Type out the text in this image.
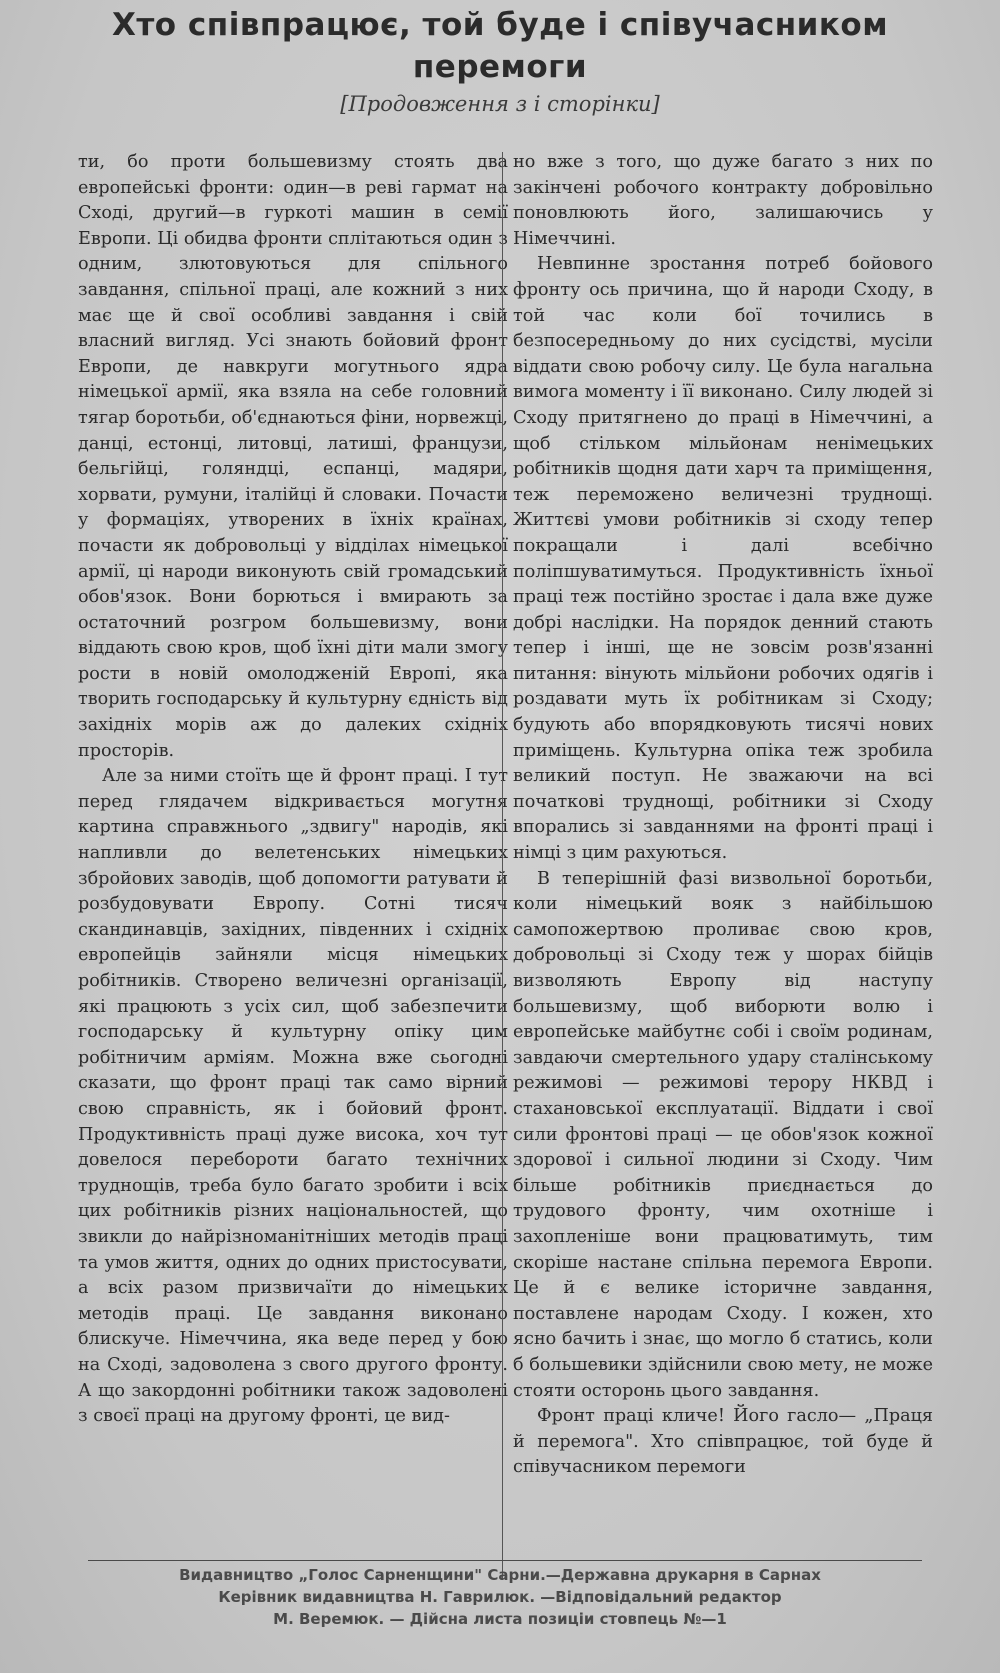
Хто співпрацює, той буде і співучасником
перемоги
[Продовження з і сторінки]

ти, бо проти большевизму стоять два европейські фронти: один—в реві гармат на Сході, другий—в гуркоті машин в семії Европи. Ці обидва фронти сплітаються один з одним, злютовуються для спільного завдання, спільної праці, але кожний з них має ще й свої особливі завдання і свій власний вигляд. Усі знають бойовий фронт Европи, де навкруги могутнього ядра німецької армії, яка взяла на себе головний тягар боротьби, об'єднаються фіни, норвежці, данці, естонці, литовці, латиші, французи, бельгійці, голяндці, еспанці, мадяри, хорвати, румуни, італійці й словаки. Почасти у формаціях, утворених в їхніх країнах, почасти як добровольці у відділах німецької армії, ці народи виконують свій громадський обов'язок. Вони борються і вмирають за остаточний розгром большевизму, вони віддають свою кров, щоб їхні діти мали змогу рости в новій омолодженій Европі, яка творить господарську й культурну єдність від західніх морів аж до далеких східніх просторів.

Але за ними стоїть ще й фронт праці. І тут перед глядачем відкривається могутня картина справжнього „здвигу" народів, які напливли до велетенських німецьких збройових заводів, щоб допомогти ратувати й розбудовувати Европу. Сотні тисяч скандинавців, західних, південних і східніх европейців зайняли місця німецьких робітників. Створено величезні організації, які працюють з усіх сил, щоб забезпечити господарську й культурну опіку цим робітничим арміям. Можна вже сьогодні сказати, що фронт праці так само вірний свою справність, як і бойовий фронт. Продуктивність праці дуже висока, хоч тут довелося перебороти багато технічних труднощів, треба було багато зробити і всіх цих робітників різних національностей, що звикли до найрізноманітніших методів праці та умов життя, одних до одних пристосувати, а всіх разом призвичаїти до німецьких методів праці. Це завдання виконано блискуче. Німеччина, яка веде перед у бою на Сході, задоволена з свого другого фронту. А що закордонні робітники також задоволені з своєї праці на другому фронті, це вид-

но вже з того, що дуже багато з них по закінчені робочого контракту добровільно поновлюють його, залишаючись у Німеччині.

Невпинне зростання потреб бойового фронту ось причина, що й народи Сходу, в той час коли бої точились в безпосередньому до них сусідстві, мусіли віддати свою робочу силу. Це була нагальна вимога моменту і її виконано. Силу людей зі Сходу притягнено до праці в Німеччині, а щоб стільком мільйонам ненімецьких робітників щодня дати харч та приміщення, теж переможено величезні труднощі. Життєві умови робітників зі сходу тепер покращали і далі всебічно поліпшуватимуться. Продуктивність їхньої праці теж постійно зростає і дала вже дуже добрі наслідки. На порядок денний стають тепер і інші, ще не зовсім розв'язанні питання: вінують мільйони робочих одягів і роздавати муть їх робітникам зі Сходу; будують або впорядковують тисячі нових приміщень. Культурна опіка теж зробила великий поступ. Не зважаючи на всі початкові труднощі, робітники зі Сходу впорались зі завданнями на фронті праці і німці з цим рахуються.

В теперішній фазі визвольної боротьби, коли німецький вояк з найбільшою самопожертвою проливає свою кров, добровольці зі Сходу теж у шорах бійців визволяють Европу від наступу большевизму, щоб виборюти волю і европейське майбутнє собі і своїм родинам, завдаючи смертельного удару сталінському режимові — режимові терору НКВД і стахановської експлуатації. Віддати і свої сили фронтові праці — це обов'язок кожної здорової і сильної людини зі Сходу. Чим більше робітників приєднається до трудового фронту, чим охотніше і захопленіше вони працюватимуть, тим скоріше настане спільна перемога Европи. Це й є велике історичне завдання, поставлене народам Сходу. І кожен, хто ясно бачить і знає, що могло б статись, коли б большевики здійснили свою мету, не може стояти осторонь цього завдання.

Фронт праці кличе! Його гасло— „Праця й перемога". Хто співпрацює, той буде й співучасником перемоги

Видавництво „Голос Сарненщини" Сарни.—Державна друкарня в Сарнах
Керівник видавництва Н. Гаврилюк. —Відповідальний редактор
М. Веремюк. — Дійсна листа позиціи стовпець №—1
